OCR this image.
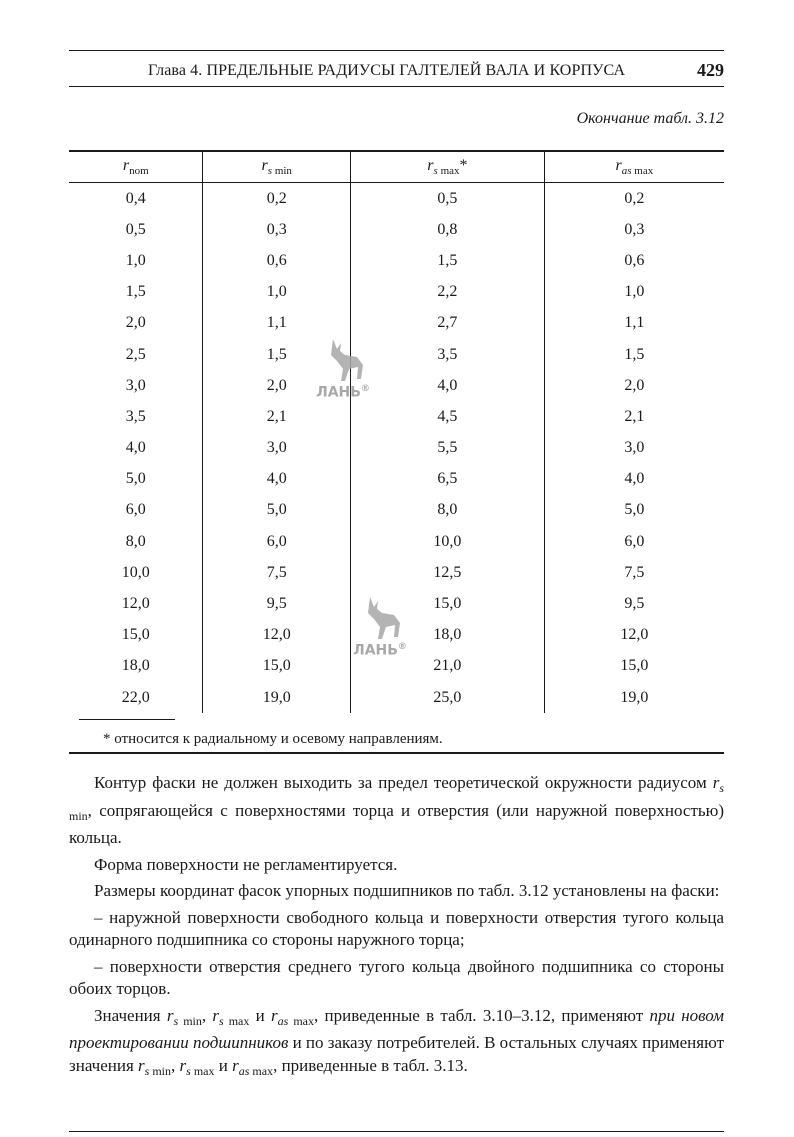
Глава 4. ПРЕДЕЛЬНЫЕ РАДИУСЫ ГАЛТЕЛЕЙ ВАЛА И КОРПУСА	429
Окончание табл. 3.12
$r_{nom}$	$r_{s min}$	$r_{s max}*$	$r_{as max}$
0,4	0,2	0,5	0,2
0,5	0,3	0,8	0,3
1,0	0,6	1,5	0,6
1,5	1,0	2,2	1,0
2,0	1,1	2,7	1,1
2,5	1,5	3,5	1,5
3,0	2,0	4,0	2,0
3,5	2,1	4,5	2,1
4,0	3,0	5,5	3,0
5,0	4,0	6,5	4,0
6,0	5,0	8,0	5,0
8,0	6,0	10,0	6,0
10,0	7,5	12,5	7,5
12,0	9,5	15,0	9,5
15,0	12,0	18,0	12,0
18,0	15,0	21,0	15,0
22,0	19,0	25,0	19,0
* относится к радиальному и осевому направлениям.

Контур фаски не должен выходить за предел теоретической окружности радиусом $r_{s min}$, сопрягающейся с поверхностями торца и отверстия (или наружной поверхностью) кольца.

Форма поверхности не регламентируется.

Размеры координат фасок упорных подшипников по табл. 3.12 установлены на фаски:

– наружной поверхности свободного кольца и поверхности отверстия тугого кольца одинарного подшипника со стороны наружного торца;

– поверхности отверстия среднего тугого кольца двойного подшипника со стороны обоих торцов.

Значения $r_{s min}$, $r_{s max}$ и $r_{as max}$, приведенные в табл. 3.10–3.12, применяют при новом проектировании подшипников и по заказу потребителей. В остальных случаях применяют значения $r_{s min}$, $r_{s max}$ и $r_{as max}$, приведенные в табл. 3.13.

ЛАНЬ®
ЛАНЬ®
